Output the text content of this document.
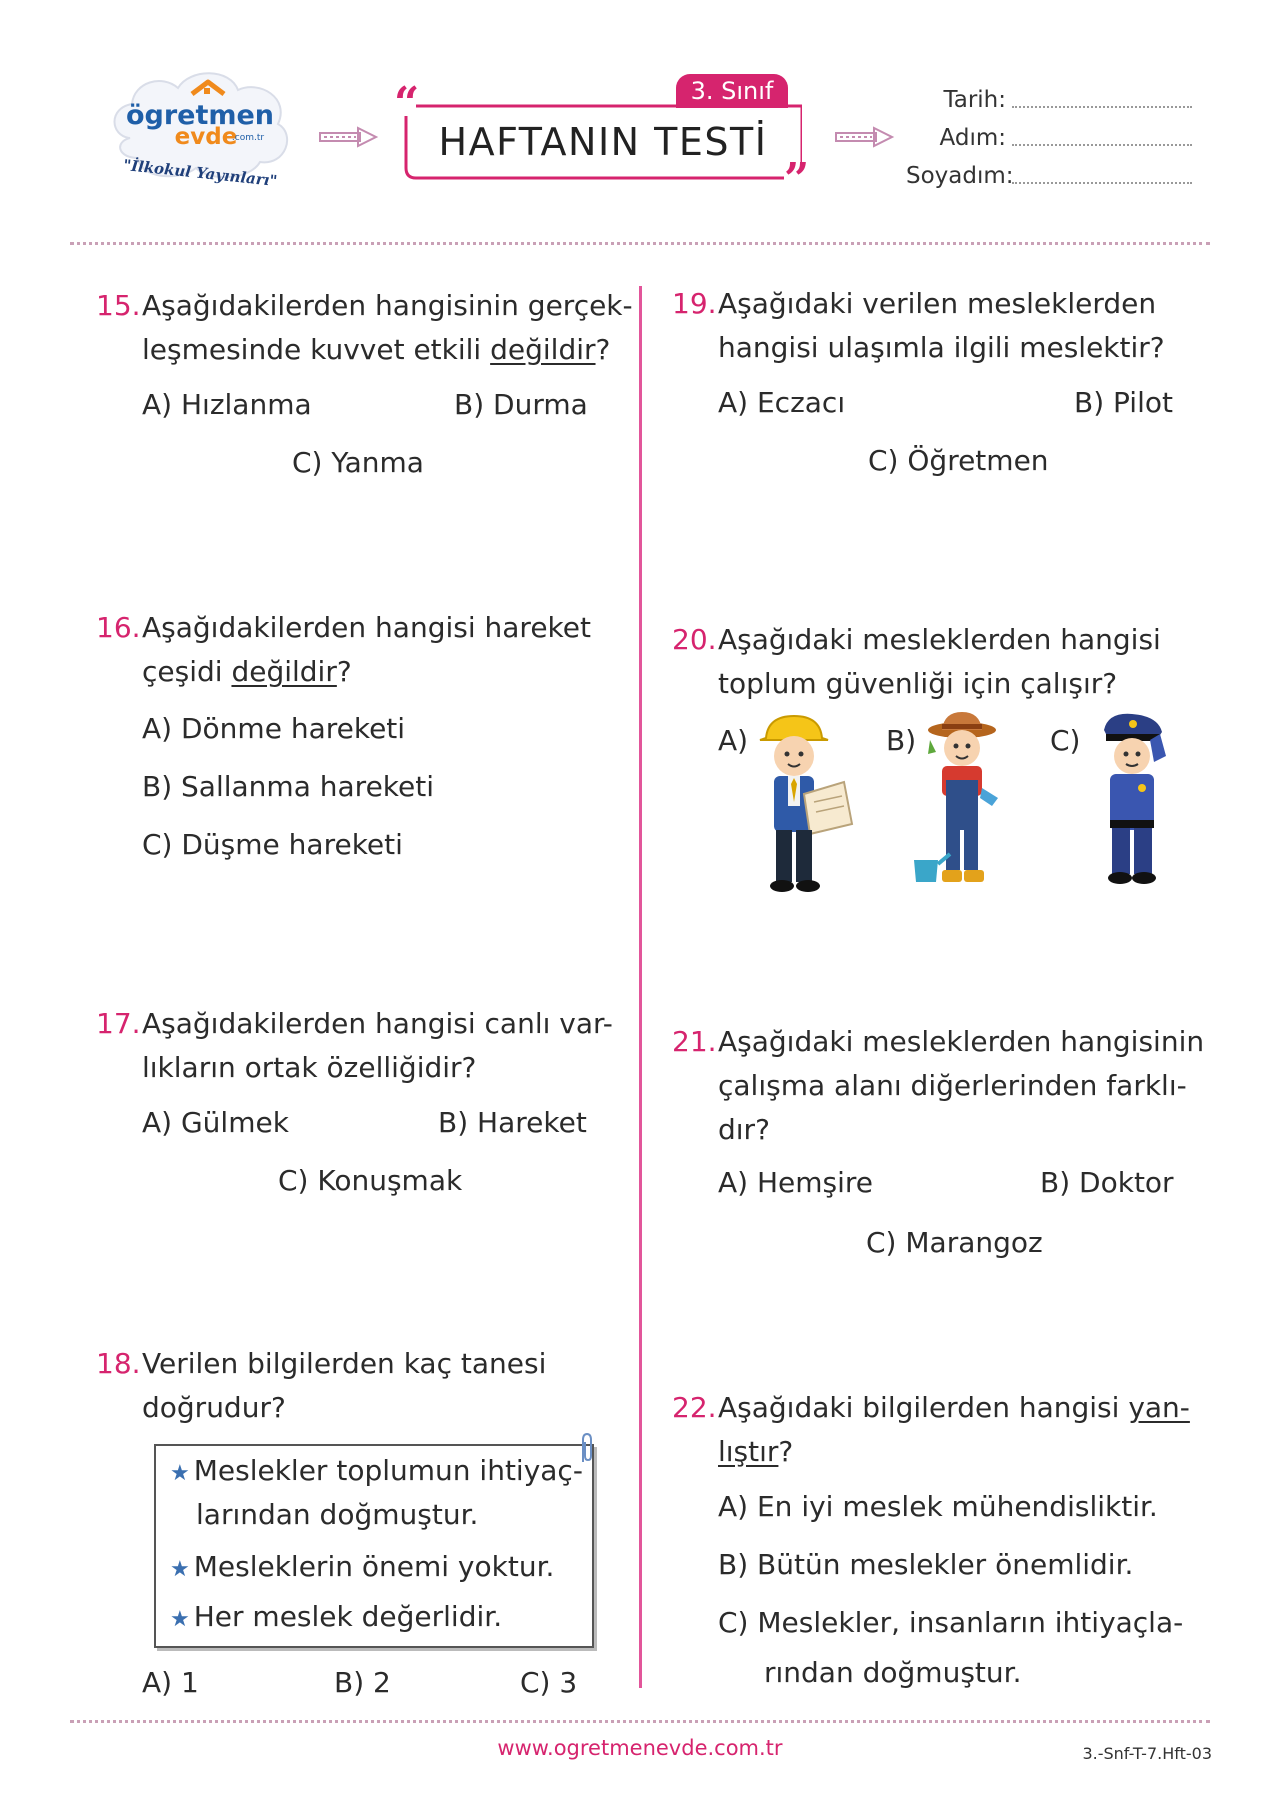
ögretmen
evde
.com.tr
"İlkokul Yayınları"
3. Sınıf
“
”
HAFTANIN TESTİ
Tarih:
Adım:
Soyadım:
15. Aşağıdakilerden hangisinin gerçek-
leşmesinde kuvvet etkili değildir?
A) Hızlanma	B) Durma
C) Yanma
16. Aşağıdakilerden hangisi hareket
çeşidi değildir?
A) Dönme hareketi
B) Sallanma hareketi
C) Düşme hareketi
17. Aşağıdakilerden hangisi canlı var-
lıkların ortak özelliğidir?
A) Gülmek	B) Hareket
C) Konuşmak
18. Verilen bilgilerden kaç tanesi
doğrudur?
★ Meslekler toplumun ihtiyaç-
larından doğmuştur.
★ Mesleklerin önemi yoktur.
★ Her meslek değerlidir.
A) 1	B) 2	C) 3
19. Aşağıdaki verilen mesleklerden
hangisi ulaşımla ilgili meslektir?
A) Eczacı	B) Pilot
C) Öğretmen
20. Aşağıdaki mesleklerden hangisi
toplum güvenliği için çalışır?
A)	B)	C)
21. Aşağıdaki mesleklerden hangisinin
çalışma alanı diğerlerinden farklı-
dır?
A) Hemşire	B) Doktor
C) Marangoz
22. Aşağıdaki bilgilerden hangisi yan-
lıştır?
A) En iyi meslek mühendisliktir.
B) Bütün meslekler önemlidir.
C) Meslekler, insanların ihtiyaçla-
rından doğmuştur.
www.ogretmenevde.com.tr	3.-Snf-T-7.Hft-03
